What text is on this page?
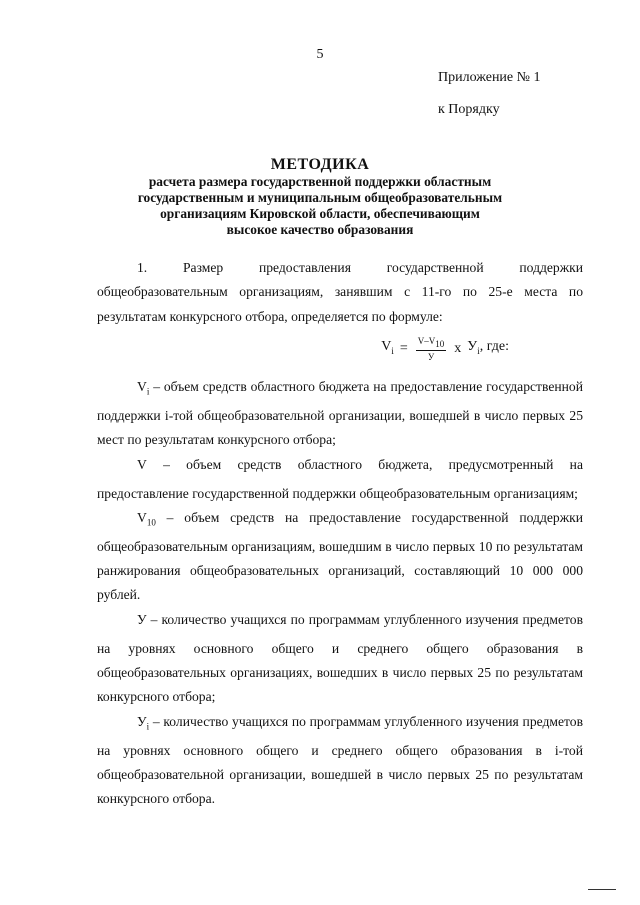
5
Приложение № 1
к Порядку
МЕТОДИКА
расчета размера государственной поддержки областным
государственным и муниципальным общеобразовательным
организациям Кировской области, обеспечивающим
высокое качество образования

1. Размер предоставления государственной поддержки общеобразовательным организациям, занявшим с 11-го по 25-е места по результатам конкурсного отбора, определяется по формуле:

$V_i = \frac{V-V_{10}}{У}$ х $У_i$, где:

$V_i$ – объем средств областного бюджета на предоставление государственной поддержки i-той общеобразовательной организации, вошедшей в число первых 25 мест по результатам конкурсного отбора;

V – объем средств областного бюджета, предусмотренный на предоставление государственной поддержки общеобразовательным организациям;

$V_{10}$ – объем средств на предоставление государственной поддержки общеобразовательным организациям, вошедшим в число первых 10 по результатам ранжирования общеобразовательных организаций, составляющий 10 000 000 рублей.

У – количество учащихся по программам углубленного изучения предметов на уровнях основного общего и среднего общего образования в общеобразовательных организациях, вошедших в число первых 25 по результатам конкурсного отбора;

$У_i$ – количество учащихся по программам углубленного изучения предметов на уровнях основного общего и среднего общего образования в i-той общеобразовательной организации, вошедшей в число первых 25 по результатам конкурсного отбора.
